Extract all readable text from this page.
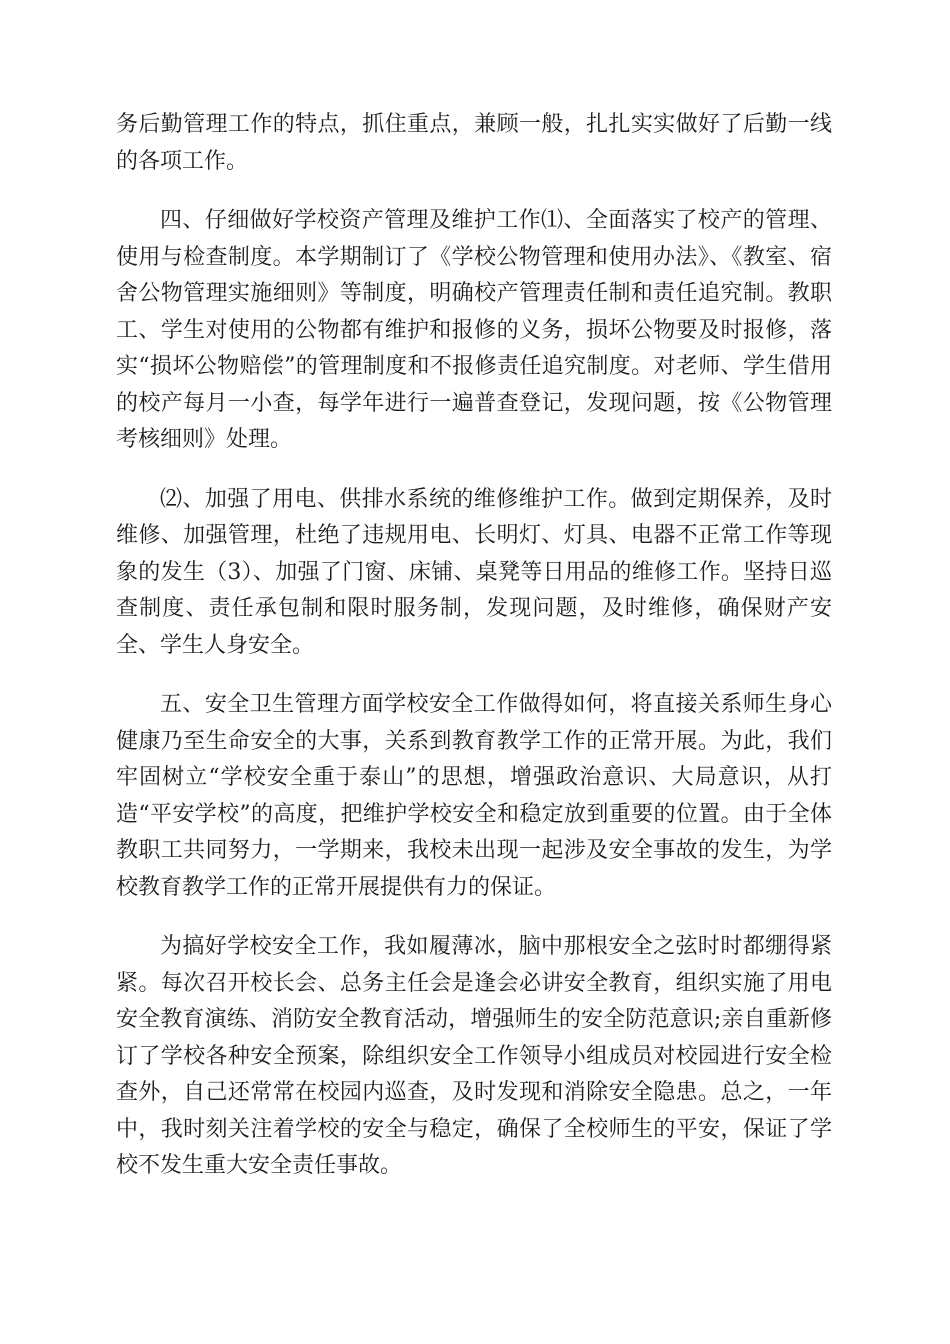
务后勤管理工作的特点，抓住重点，兼顾一般，扎扎实实做好了后勤一线的各项工作。

四、仔细做好学校资产管理及维护工作⑴、全面落实了校产的管理、使用与检查制度。本学期制订了《学校公物管理和使用办法》、《教室、宿舍公物管理实施细则》等制度，明确校产管理责任制和责任追究制。教职工、学生对使用的公物都有维护和报修的义务，损坏公物要及时报修，落实“损坏公物赔偿”的管理制度和不报修责任追究制度。对老师、学生借用的校产每月一小查，每学年进行一遍普查登记，发现问题，按《公物管理考核细则》处理。

⑵、加强了用电、供排水系统的维修维护工作。做到定期保养，及时维修、加强管理，杜绝了违规用电、长明灯、灯具、电器不正常工作等现象的发生（3）、加强了门窗、床铺、桌凳等日用品的维修工作。坚持日巡查制度、责任承包制和限时服务制，发现问题，及时维修，确保财产安全、学生人身安全。

五、安全卫生管理方面学校安全工作做得如何，将直接关系师生身心健康乃至生命安全的大事，关系到教育教学工作的正常开展。为此，我们牢固树立“学校安全重于泰山”的思想，增强政治意识、大局意识，从打造“平安学校”的高度，把维护学校安全和稳定放到重要的位置。由于全体教职工共同努力，一学期来，我校未出现一起涉及安全事故的发生，为学校教育教学工作的正常开展提供有力的保证。

为搞好学校安全工作，我如履薄冰，脑中那根安全之弦时时都绷得紧紧。每次召开校长会、总务主任会是逢会必讲安全教育，组织实施了用电安全教育演练、消防安全教育活动，增强师生的安全防范意识;亲自重新修订了学校各种安全预案，除组织安全工作领导小组成员对校园进行安全检查外，自己还常常在校园内巡查，及时发现和消除安全隐患。总之，一年中，我时刻关注着学校的安全与稳定，确保了全校师生的平安，保证了学校不发生重大安全责任事故。
